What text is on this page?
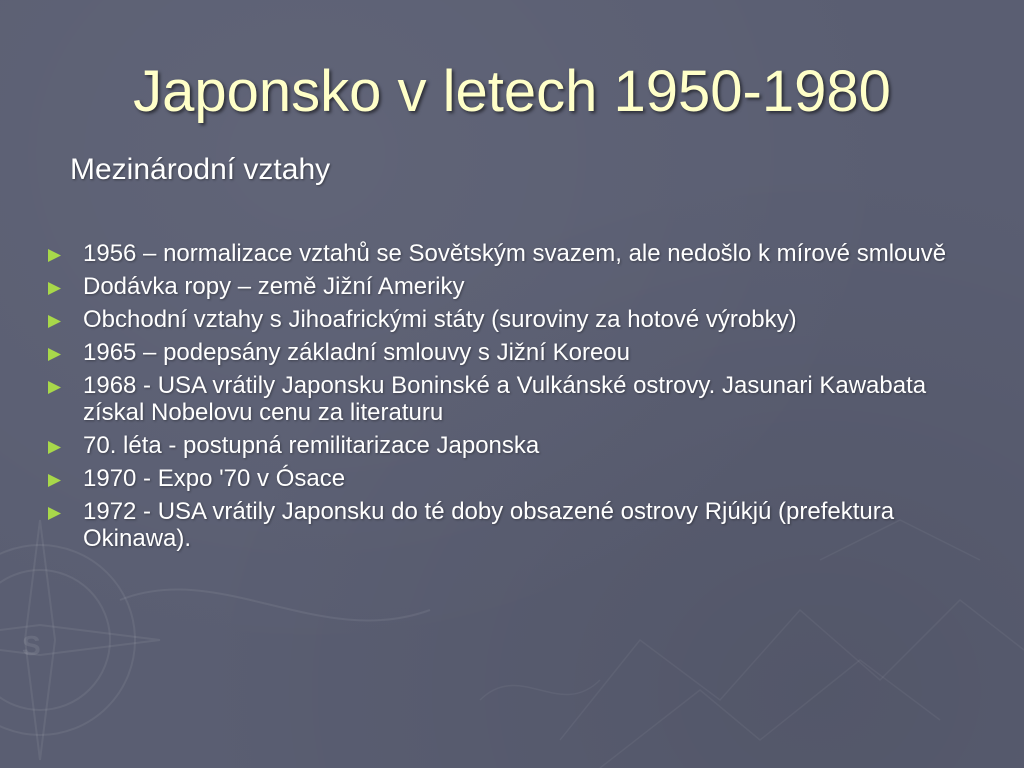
S
Japonsko v letech 1950-1980
Mezinárodní vztahy
1956 – normalizace vztahů se Sovětským svazem, ale nedošlo k mírové smlouvě
Dodávka ropy – země Jižní Ameriky
Obchodní vztahy s Jihoafrickými státy (suroviny za hotové výrobky)
1965 – podepsány základní smlouvy s Jižní Koreou
1968 - USA vrátily Japonsku Boninské a Vulkánské ostrovy. Jasunari Kawabata získal Nobelovu cenu za literaturu
70. léta - postupná remilitarizace Japonska
1970 - Expo '70 v Ósace
1972 - USA vrátily Japonsku do té doby obsazené ostrovy Rjúkjú (prefektura Okinawa).
